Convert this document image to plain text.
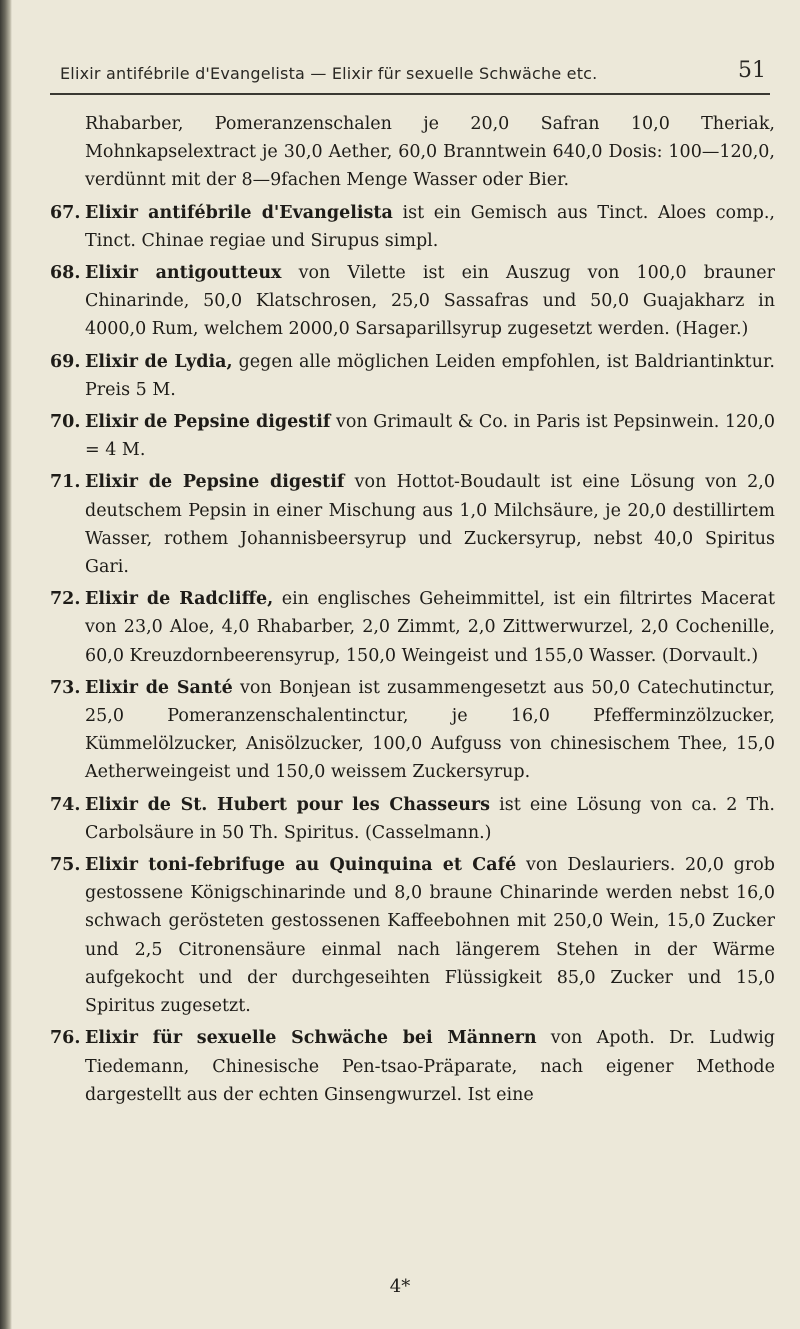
Elixir antifébrile d'Evangelista — Elixir für sexuelle Schwäche etc.	51

Rhabarber, Pomeranzenschalen je 20,0 Safran 10,0 Theriak, Mohnkapselextract je 30,0 Aether, 60,0 Branntwein 640,0 Dosis: 100—120,0, verdünnt mit der 8—9fachen Menge Wasser oder Bier.

67. Elixir antifébrile d'Evangelista ist ein Gemisch aus Tinct. Aloes comp., Tinct. Chinae regiae und Sirupus simpl.

68. Elixir antigoutteux von Vilette ist ein Auszug von 100,0 brauner Chinarinde, 50,0 Klatschrosen, 25,0 Sassafras und 50,0 Guajakharz in 4000,0 Rum, welchem 2000,0 Sarsaparillsyrup zugesetzt werden. (Hager.)

69. Elixir de Lydia, gegen alle möglichen Leiden empfohlen, ist Baldriantinktur. Preis 5 M.

70. Elixir de Pepsine digestif von Grimault & Co. in Paris ist Pepsinwein. 120,0 = 4 M.

71. Elixir de Pepsine digestif von Hottot-Boudault ist eine Lösung von 2,0 deutschem Pepsin in einer Mischung aus 1,0 Milchsäure, je 20,0 destillirtem Wasser, rothem Johannisbeersyrup und Zuckersyrup, nebst 40,0 Spiritus Gari.

72. Elixir de Radcliffe, ein englisches Geheimmittel, ist ein filtrirtes Macerat von 23,0 Aloe, 4,0 Rhabarber, 2,0 Zimmt, 2,0 Zittwerwurzel, 2,0 Cochenille, 60,0 Kreuzdornbeerensyrup, 150,0 Weingeist und 155,0 Wasser. (Dorvault.)

73. Elixir de Santé von Bonjean ist zusammengesetzt aus 50,0 Catechutinctur, 25,0 Pomeranzenschalentinctur, je 16,0 Pfefferminzölzucker, Kümmelölzucker, Anisölzucker, 100,0 Aufguss von chinesischem Thee, 15,0 Aetherweingeist und 150,0 weissem Zuckersyrup.

74. Elixir de St. Hubert pour les Chasseurs ist eine Lösung von ca. 2 Th. Carbolsäure in 50 Th. Spiritus. (Casselmann.)

75. Elixir toni-febrifuge au Quinquina et Café von Deslauriers. 20,0 grob gestossene Königschinarinde und 8,0 braune Chinarinde werden nebst 16,0 schwach gerösteten gestossenen Kaffeebohnen mit 250,0 Wein, 15,0 Zucker und 2,5 Citronensäure einmal nach längerem Stehen in der Wärme aufgekocht und der durchgeseihten Flüssigkeit 85,0 Zucker und 15,0 Spiritus zugesetzt.

76. Elixir für sexuelle Schwäche bei Männern von Apoth. Dr. Ludwig Tiedemann, Chinesische Pen-tsao-Präparate, nach eigener Methode dargestellt aus der echten Ginsengwurzel. Ist eine

4*
